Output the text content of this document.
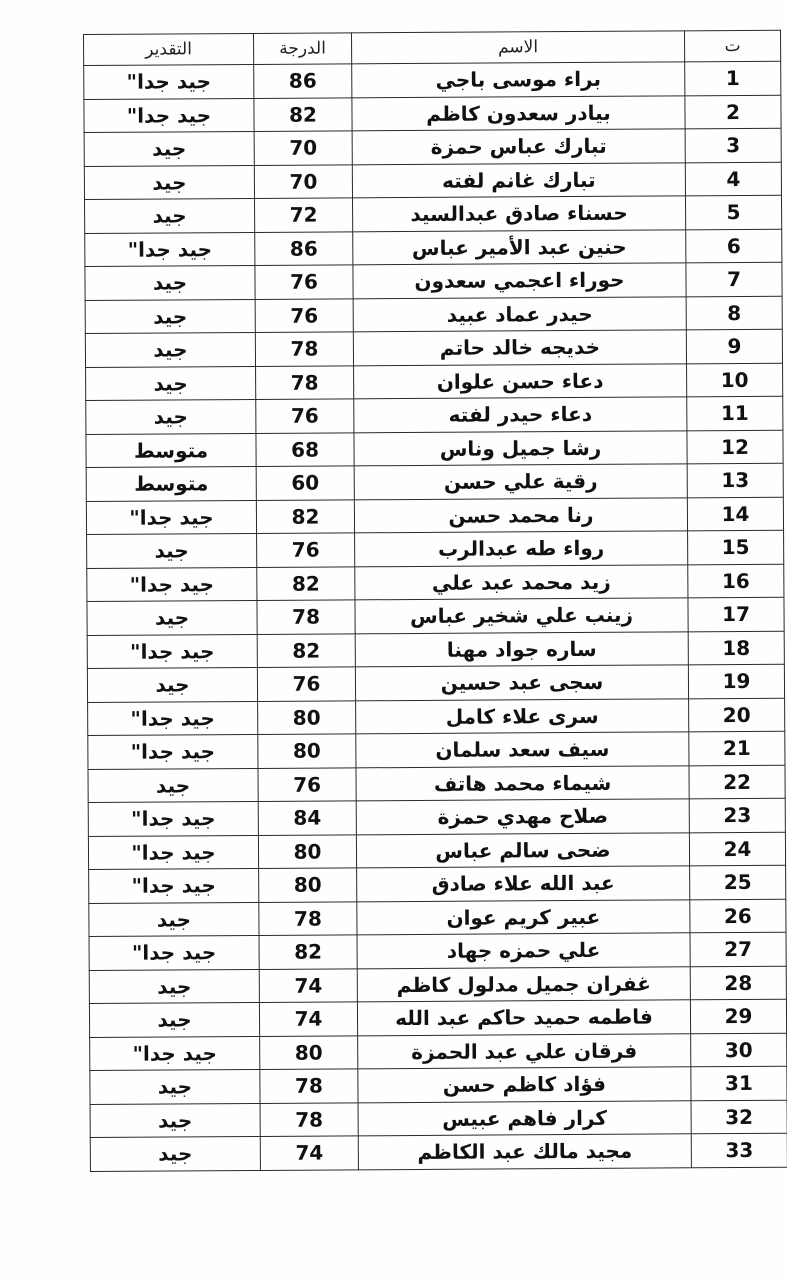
ت	الاسم	الدرجة	التقدير
1	براء موسى باجي	86	جيد جدا"
2	بيادر سعدون كاظم	82	جيد جدا"
3	تبارك عباس حمزة	70	جيد
4	تبارك غانم لفته	70	جيد
5	حسناء صادق عبدالسيد	72	جيد
6	حنين عبد الأمير عباس	86	جيد جدا"
7	حوراء اعجمي سعدون	76	جيد
8	حيدر عماد عبيد	76	جيد
9	خديجه خالد حاتم	78	جيد
10	دعاء حسن علوان	78	جيد
11	دعاء حيدر لفته	76	جيد
12	رشا جميل وناس	68	متوسط
13	رقية علي حسن	60	متوسط
14	رنا محمد حسن	82	جيد جدا"
15	رواء طه عبدالرب	76	جيد
16	زيد محمد عبد علي	82	جيد جدا"
17	زينب علي شخير عباس	78	جيد
18	ساره جواد مهنا	82	جيد جدا"
19	سجى عبد حسين	76	جيد
20	سرى علاء كامل	80	جيد جدا"
21	سيف سعد سلمان	80	جيد جدا"
22	شيماء محمد هاتف	76	جيد
23	صلاح مهدي حمزة	84	جيد جدا"
24	ضحى سالم عباس	80	جيد جدا"
25	عبد الله علاء صادق	80	جيد جدا"
26	عبير كريم عوان	78	جيد
27	علي حمزه جهاد	82	جيد جدا"
28	غفران جميل مدلول كاظم	74	جيد
29	فاطمه حميد حاكم عبد الله	74	جيد
30	فرقان علي عبد الحمزة	80	جيد جدا"
31	فؤاد كاظم حسن	78	جيد
32	كرار فاهم عبيس	78	جيد
33	مجيد مالك عبد الكاظم	74	جيد
